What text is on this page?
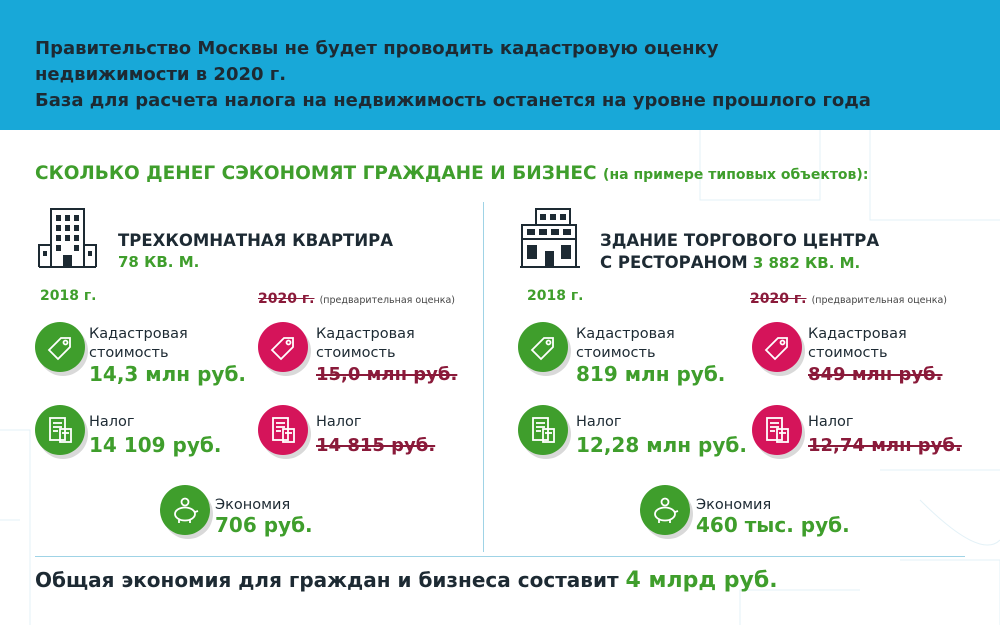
Правительство Москвы не будет проводить кадастровую оценку
недвижимости в 2020 г.
База для расчета налога на недвижимость останется на уровне прошлого года
СКОЛЬКО ДЕНЕГ СЭКОНОМЯТ ГРАЖДАНЕ И БИЗНЕС (на примере типовых объектов):
ТРЕХКОМНАТНАЯ КВАРТИРА
78 КВ. М.
2018 г.	2020 г. (предварительная оценка)
Кадастровая
стоимость
14,3 млн руб.
Кадастровая
стоимость
15,0 млн руб.
Налог
14 109 руб.
Налог
14 815 руб.
Экономия
706 руб.
ЗДАНИЕ ТОРГОВОГО ЦЕНТРА
С РЕСТОРАНОМ 3 882 КВ. М.
2018 г.	2020 г. (предварительная оценка)
Кадастровая
стоимость
819 млн руб.
Кадастровая
стоимость
849 млн руб.
Налог
12,28 млн руб.
Налог
12,74 млн руб.
Экономия
460 тыс. руб.
Общая экономия для граждан и бизнеса составит 4 млрд руб.
